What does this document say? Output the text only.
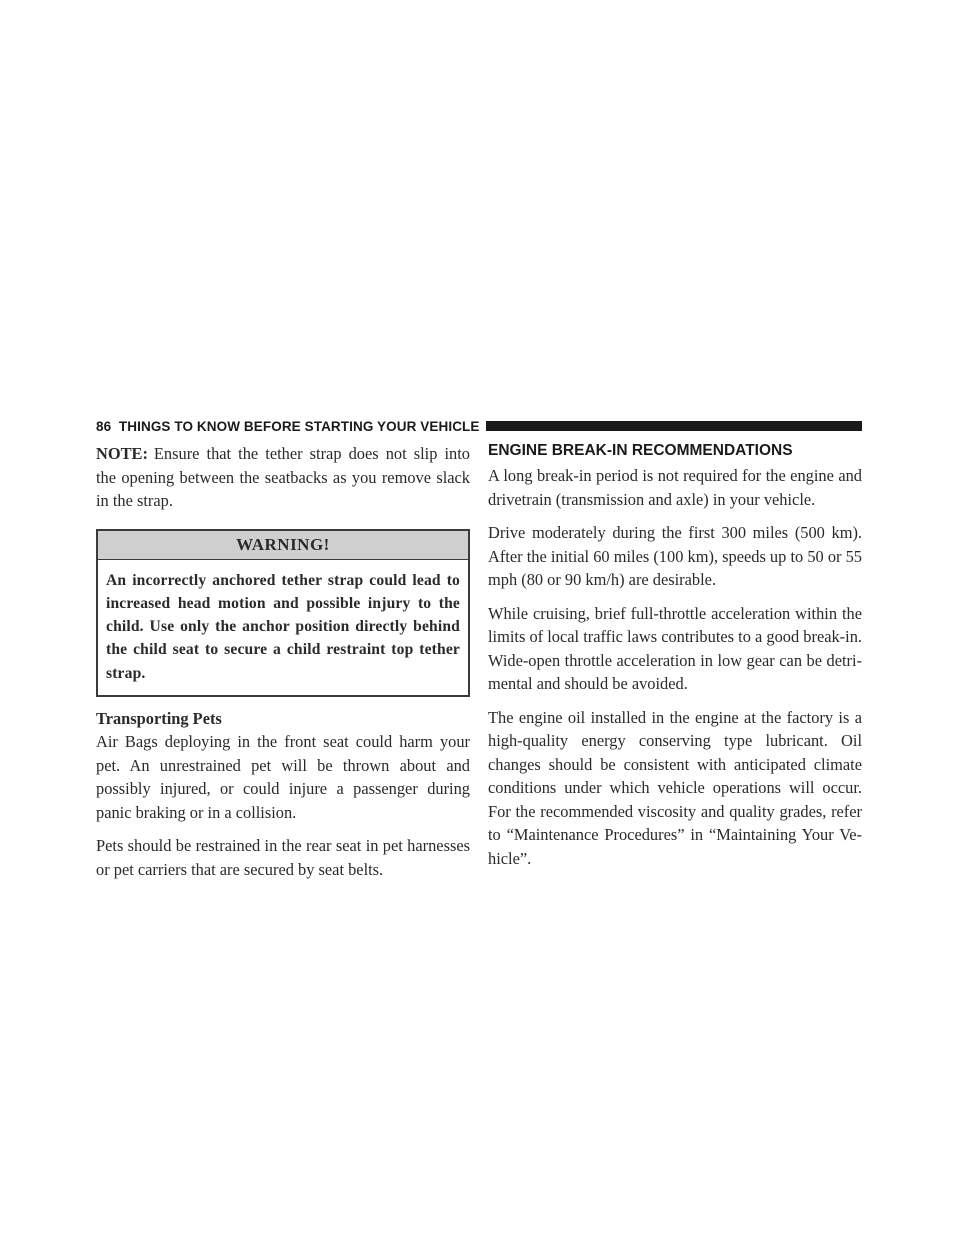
86 THINGS TO KNOW BEFORE STARTING YOUR VEHICLE

NOTE: Ensure that the tether strap does not slip into the opening between the seatbacks as you remove slack in the strap.

WARNING!
An incorrectly anchored tether strap could lead to increased head motion and possible injury to the child. Use only the anchor position directly behind the child seat to secure a child restraint top tether strap.
Transporting Pets

Air Bags deploying in the front seat could harm your pet. An unrestrained pet will be thrown about and possibly injured, or could injure a passenger during panic braking or in a collision.

Pets should be restrained in the rear seat in pet harnesses or pet carriers that are secured by seat belts.

ENGINE BREAK-IN RECOMMENDATIONS

A long break-in period is not required for the engine and drivetrain (transmission and axle) in your vehicle.

Drive moderately during the first 300 miles (500 km). After the initial 60 miles (100 km), speeds up to 50 or 55 mph (80 or 90 km/h) are desirable.

While cruising, brief full-throttle acceleration within the limits of local traffic laws contributes to a good break-in. Wide-open throttle acceleration in low gear can be detri-mental and should be avoided.

The engine oil installed in the engine at the factory is a high-quality energy conserving type lubricant. Oil changes should be consistent with anticipated climate conditions under which vehicle operations will occur. For the recommended viscosity and quality grades, refer to “Maintenance Procedures” in “Maintaining Your Ve-hicle”.
